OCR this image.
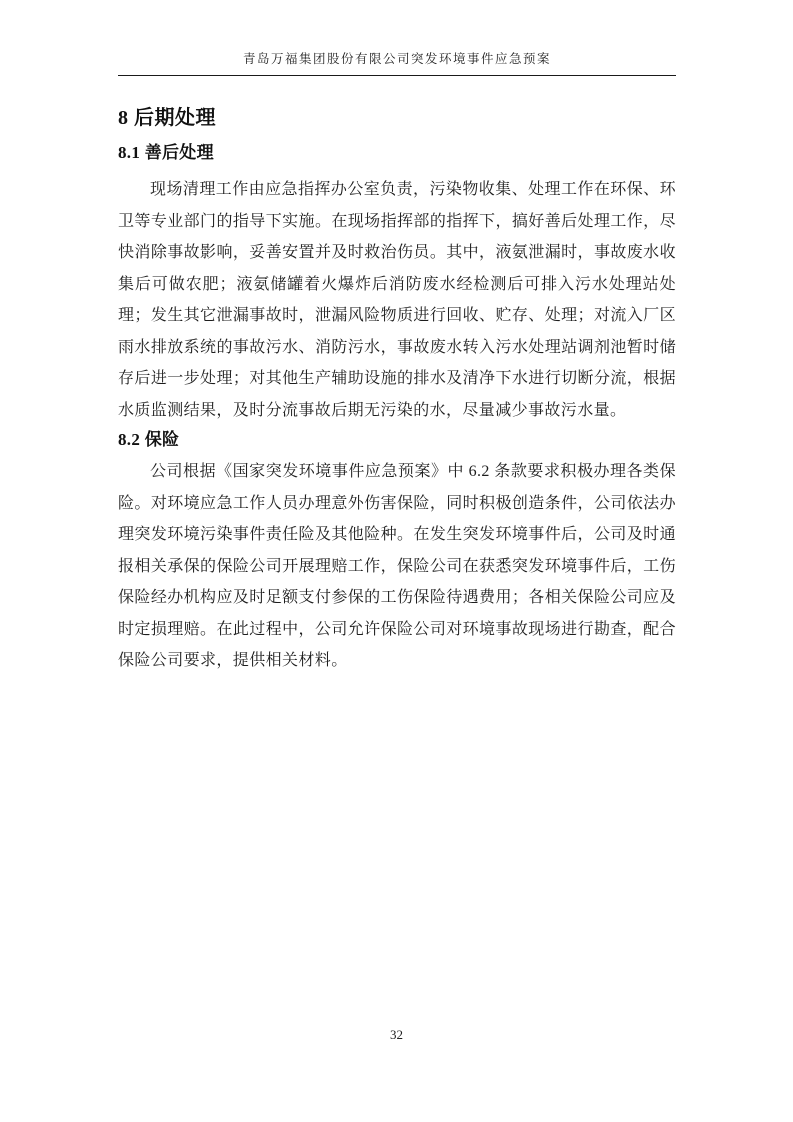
青岛万福集团股份有限公司突发环境事件应急预案
8 后期处理
8.1 善后处理

现场清理工作由应急指挥办公室负责，污染物收集、处理工作在环保、环卫等专业部门的指导下实施。在现场指挥部的指挥下，搞好善后处理工作，尽快消除事故影响，妥善安置并及时救治伤员。其中，液氨泄漏时，事故废水收集后可做农肥；液氨储罐着火爆炸后消防废水经检测后可排入污水处理站处理；发生其它泄漏事故时，泄漏风险物质进行回收、贮存、处理；对流入厂区雨水排放系统的事故污水、消防污水，事故废水转入污水处理站调剂池暂时储存后进一步处理；对其他生产辅助设施的排水及清净下水进行切断分流，根据水质监测结果，及时分流事故后期无污染的水，尽量减少事故污水量。

8.2 保险

公司根据《国家突发环境事件应急预案》中 6.2 条款要求积极办理各类保险。对环境应急工作人员办理意外伤害保险，同时积极创造条件，公司依法办理突发环境污染事件责任险及其他险种。在发生突发环境事件后，公司及时通报相关承保的保险公司开展理赔工作，保险公司在获悉突发环境事件后，工伤保险经办机构应及时足额支付参保的工伤保险待遇费用；各相关保险公司应及时定损理赔。在此过程中，公司允许保险公司对环境事故现场进行勘查，配合保险公司要求，提供相关材料。

32
